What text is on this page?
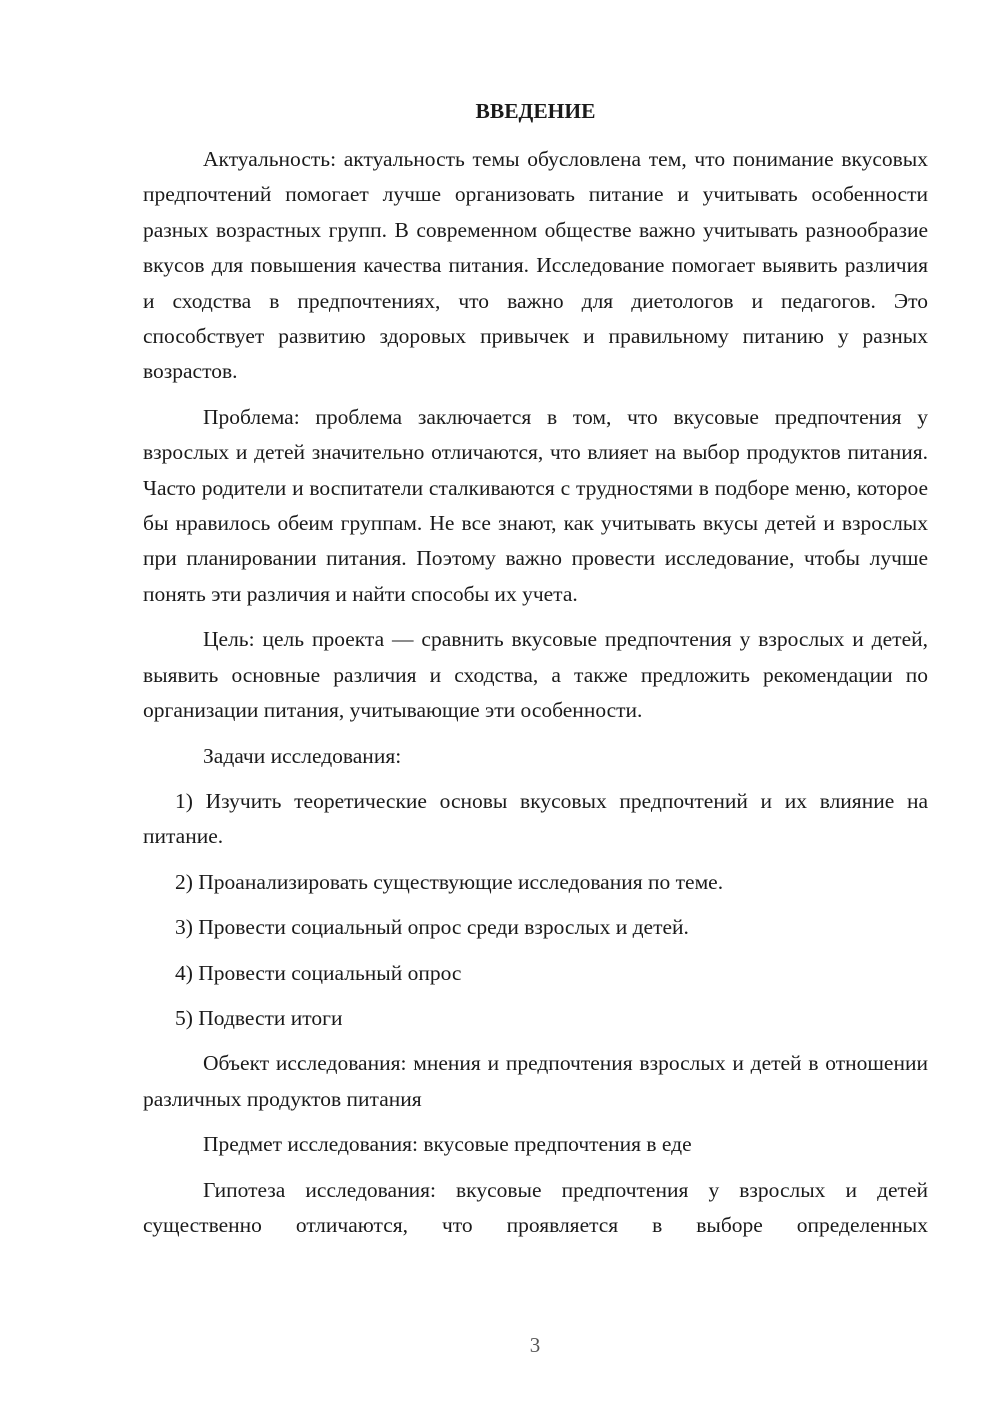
ВВЕДЕНИЕ

Актуальность: актуальность темы обусловлена тем, что понимание вкусовых предпочтений помогает лучше организовать питание и учитывать особенности разных возрастных групп. В современном обществе важно учитывать разнообразие вкусов для повышения качества питания. Исследование помогает выявить различия и сходства в предпочтениях, что важно для диетологов и педагогов. Это способствует развитию здоровых привычек и правильному питанию у разных возрастов.

Проблема: проблема заключается в том, что вкусовые предпочтения у взрослых и детей значительно отличаются, что влияет на выбор продуктов питания. Часто родители и воспитатели сталкиваются с трудностями в подборе меню, которое бы нравилось обеим группам. Не все знают, как учитывать вкусы детей и взрослых при планировании питания. Поэтому важно провести исследование, чтобы лучше понять эти различия и найти способы их учета.

Цель: цель проекта — сравнить вкусовые предпочтения у взрослых и детей, выявить основные различия и сходства, а также предложить рекомендации по организации питания, учитывающие эти особенности.

Задачи исследования:

1) Изучить теоретические основы вкусовых предпочтений и их влияние на питание.

2) Проанализировать существующие исследования по теме.

3) Провести социальный опрос среди взрослых и детей.

4) Провести социальный опрос

5) Подвести итоги

Объект исследования: мнения и предпочтения взрослых и детей в отношении различных продуктов питания

Предмет исследования: вкусовые предпочтения в еде

Гипотеза исследования: вкусовые предпочтения у взрослых и детей существенно отличаются, что проявляется в выборе определенных

3
